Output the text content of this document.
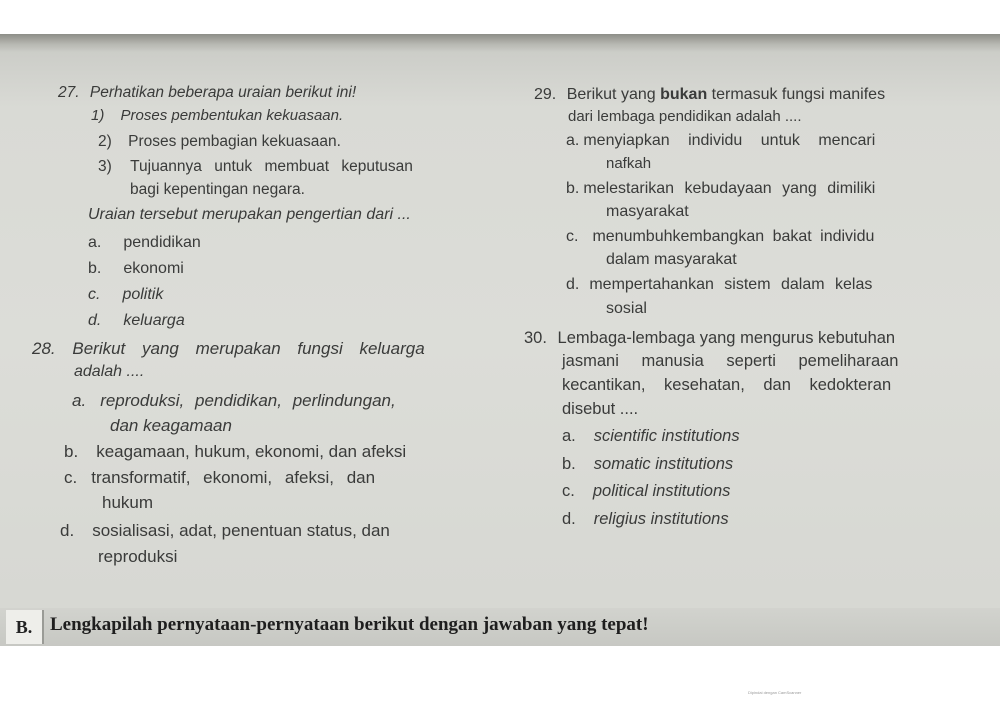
27. Perhatikan beberapa uraian berikut ini!
1) Proses pembentukan kekuasaan.
2) Proses pembagian kekuasaan.
3) Tujuannya untuk membuat keputusan
bagi kepentingan negara.
Uraian tersebut merupakan pengertian dari ...
a. pendidikan
b. ekonomi
c. politik
d. keluarga
28. Berikut yang merupakan fungsi keluarga
adalah ....
a. reproduksi, pendidikan, perlindungan,
dan keagamaan
b. keagamaan, hukum, ekonomi, dan afeksi
c. transformatif, ekonomi, afeksi, dan
hukum
d. sosialisasi, adat, penentuan status, dan
reproduksi
29. Berikut yang bukan termasuk fungsi manifes
dari lembaga pendidikan adalah ....
a. menyiapkan individu untuk mencari
nafkah
b. melestarikan kebudayaan yang dimiliki
masyarakat
c. menumbuhkembangkan bakat individu
dalam masyarakat
d. mempertahankan sistem dalam kelas
sosial
30. Lembaga-lembaga yang mengurus kebutuhan
jasmani manusia seperti pemeliharaan
kecantikan, kesehatan, dan kedokteran
disebut ....
a. scientific institutions
b. somatic institutions
c. political institutions
d. religius institutions
B. Lengkapilah pernyataan-pernyataan berikut dengan jawaban yang tepat!
Dipindai dengan CamScanner
